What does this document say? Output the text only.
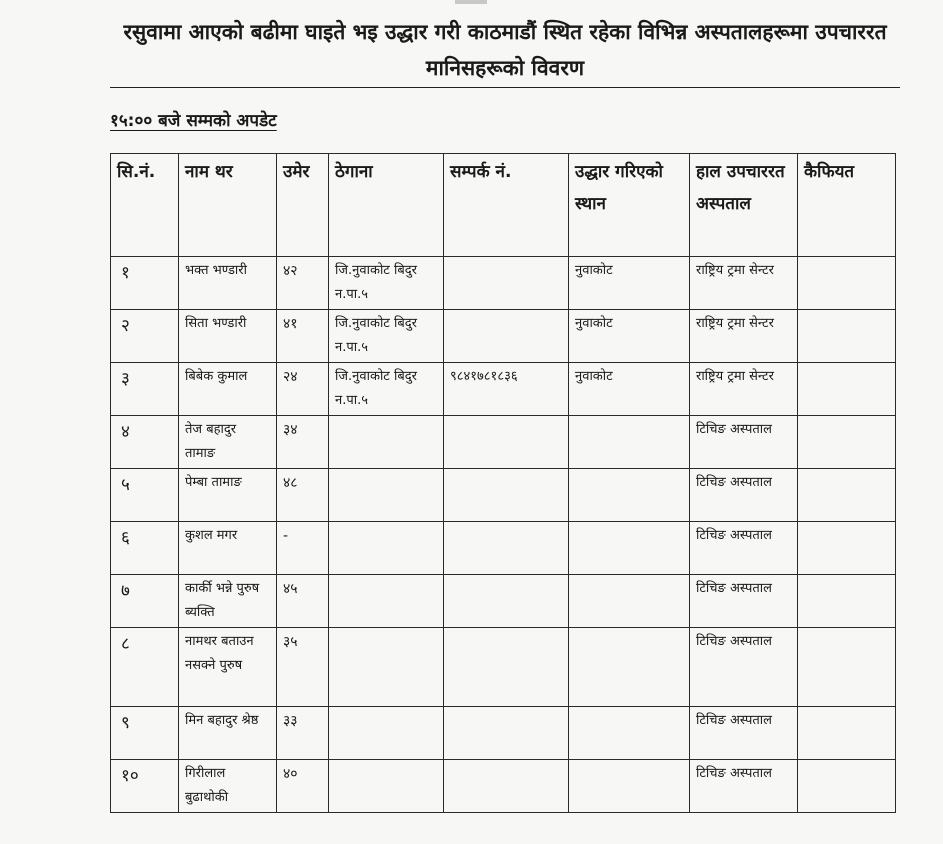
रसुवामा आएको बढीमा घाइते भइ उद्धार गरी काठमाडौं स्थित रहेका विभिन्न अस्पतालहरूमा उपचाररत मानिसहरूको विवरण
१५:०० बजे सम्मको अपडेट
सि.नं.	नाम थर	उमेर	ठेगाना	सम्पर्क नं.	उद्धार गरिएको स्थान	हाल उपचाररत अस्पताल	कैफियत
१	भक्त भण्डारी	४२	जि.नुवाकोट बिदुर न.पा.५		नुवाकोट	राष्ट्रिय ट्रमा सेन्टर	
२	सिता भण्डारी	४१	जि.नुवाकोट बिदुर न.पा.५		नुवाकोट	राष्ट्रिय ट्रमा सेन्टर	
३	बिबेक कुमाल	२४	जि.नुवाकोट बिदुर न.पा.५	९८४१७८१८३६	नुवाकोट	राष्ट्रिय ट्रमा सेन्टर	
४	तेज बहादुर तामाङ	३४				टिचिङ अस्पताल	
५	पेम्बा तामाङ	४८				टिचिङ अस्पताल	
६	कुशल मगर	-				टिचिङ अस्पताल	
७	कार्की भन्ने पुरुष ब्यक्ति	४५				टिचिङ अस्पताल	
८	नामथर बताउन नसक्ने पुरुष	३५				टिचिङ अस्पताल	
९	मिन बहादुर श्रेष्ठ	३३				टिचिङ अस्पताल	
१०	गिरीलाल बुढाथोकी	४०				टिचिङ अस्पताल	
